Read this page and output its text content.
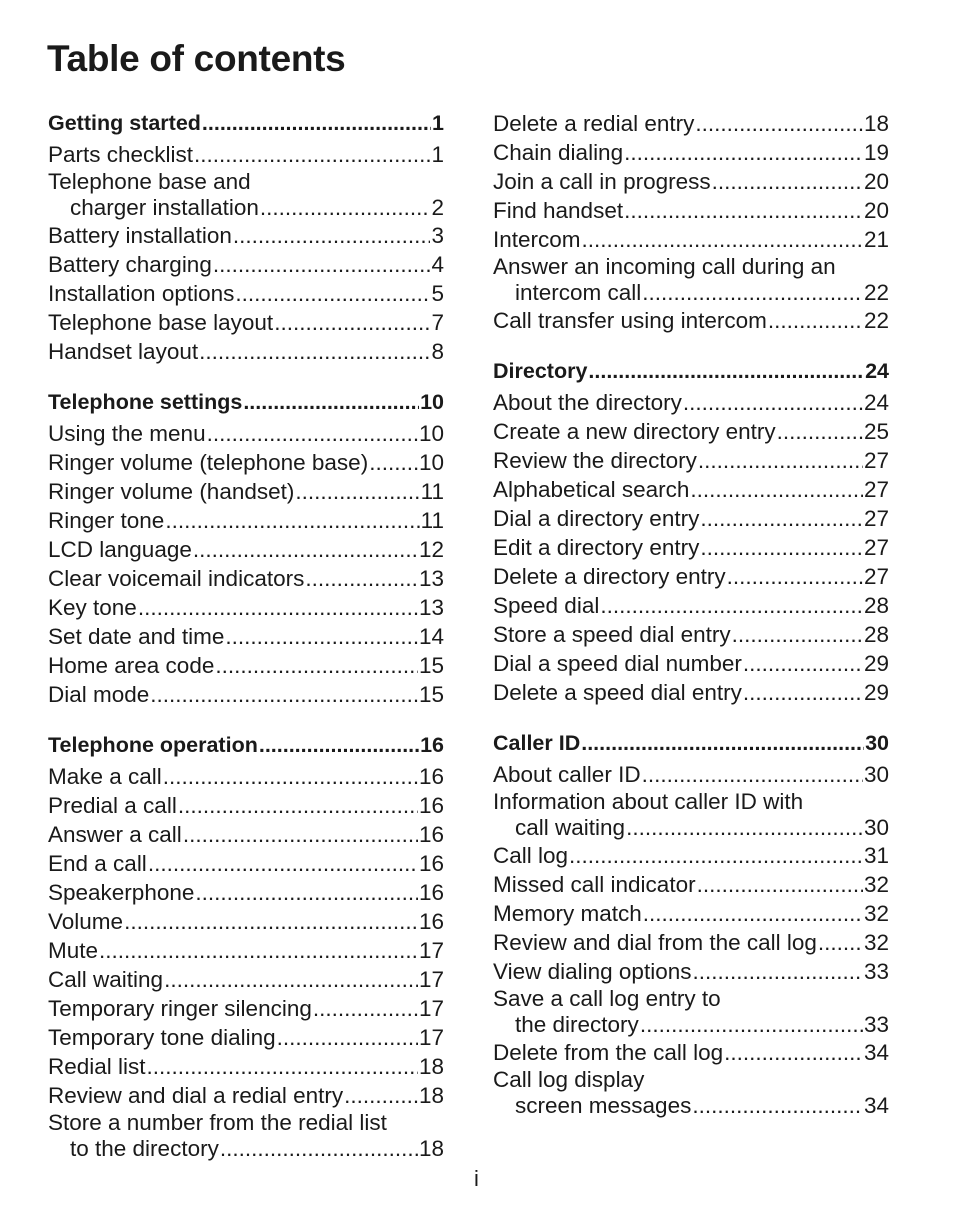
Table of contents
Getting started .....	1
Parts checklist .....	1
Telephone base and
charger installation .....	2
Battery installation .....	3
Battery charging .....	4
Installation options .....	5
Telephone base layout .....	7
Handset layout .....	8
Telephone settings .....	10
Using the menu .....	10
Ringer volume (telephone base) ..... 10
Ringer volume (handset) .....	11
Ringer tone .....	11
LCD language .....	12
Clear voicemail indicators .....	13
Key tone .....	13
Set date and time .....	14
Home area code .....	15
Dial mode .....	15
Telephone operation .....	16
Make a call .....	16
Predial a call .....	16
Answer a call .....	16
End a call .....	16
Speakerphone .....	16
Volume .....	16
Mute .....	17
Call waiting .....	17
Temporary ringer silencing .....	17
Temporary tone dialing .....	17
Redial list .....	18
Review and dial a redial entry .....	18
Store a number from the redial list
to the directory .....	18
Delete a redial entry .....	18
Chain dialing .....	19
Join a call in progress .....	20
Find handset .....	20
Intercom .....	21
Answer an incoming call during an
intercom call .....	22
Call transfer using intercom .....	22
Directory .....	24
About the directory .....	24
Create a new directory entry .....	25
Review the directory .....	27
Alphabetical search .....	27
Dial a directory entry .....	27
Edit a directory entry .....	27
Delete a directory entry .....	27
Speed dial .....	28
Store a speed dial entry .....	28
Dial a speed dial number .....	29
Delete a speed dial entry .....	29
Caller ID .....	30
About caller ID .....	30
Information about caller ID with
call waiting .....	30
Call log .....	31
Missed call indicator .....	32
Memory match .....	32
Review and dial from the call log ..... 32
View dialing options .....	33
Save a call log entry to
the directory .....	33
Delete from the call log .....	34
Call log display
screen messages .....	34
i
